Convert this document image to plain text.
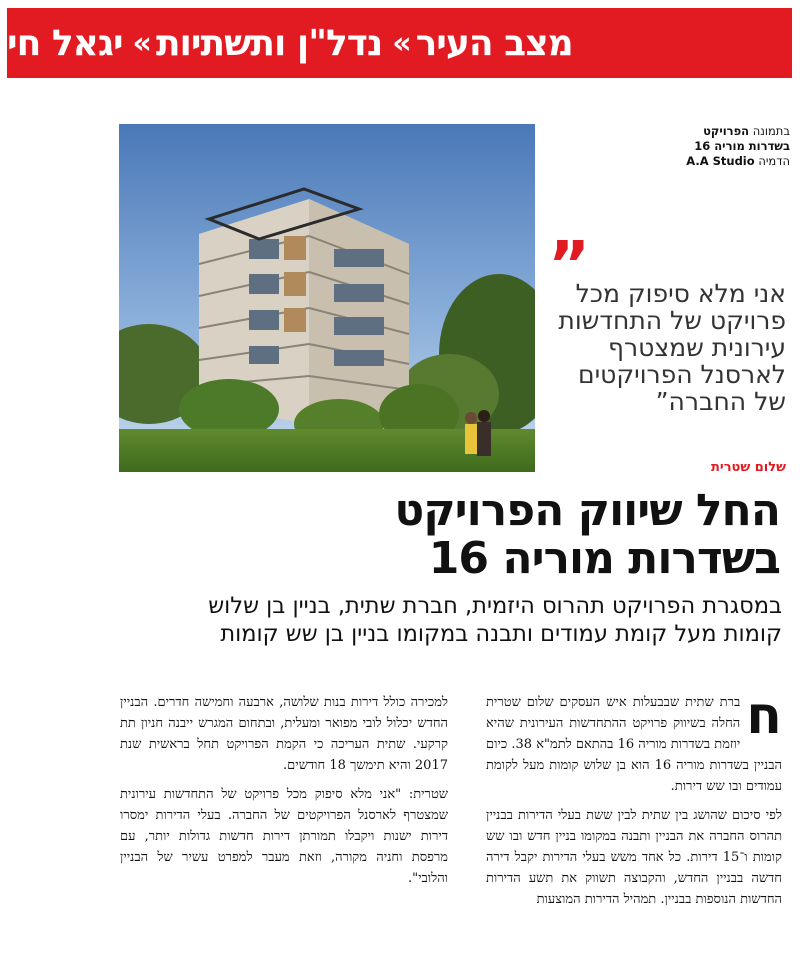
מצב העיר
»
נדל"ן ותשתיות
»
יגאל חי
בתמונה הפרויקט
בשדרות מוריה 16
הדמיה A.A Studio
”
אני מלא סיפוק מכל פרויקט של התחדשות עירונית שמצטרף לארסנל הפרויקטים של החברה”
שלום שטרית
החל שיווק הפרויקט בשדרות מוריה 16
במסגרת הפרויקט תהרוס היזמית, חברת שתית, בניין בן שלוש קומות מעל קומת עמודים ותבנה במקומו בניין בן שש קומות

ח
ברת שתית שבבעלות איש העסקים שלום שטרית החלה בשיווק פרויקט ההתחדשות העירונית שהיא יוזמת בשדרות מוריה 16 בהתאם לתמ"א 38. כיום הבניין בשדרות מוריה 16 הוא בן שלוש קומות מעל לקומת עמודים ובו שש דירות.

לפי סיכום שהושג בין שתית לבין ששת בעלי הדירות בבניין תהרוס החברה את הבניין ותבנה במקומו בניין חדש ובו שש קומות ו־15 דירות. כל אחד משש בעלי הדירות יקבל דירה חדשה בבניין החדש, והקבוצה תשווק את תשע הדירות החדשות הנוספות בבניין. תמהיל הדירות המוצעות

למכירה כולל דירות בנות שלושה, ארבעה וחמישה חדרים. הבניין החדש יכלול לובי מפואר ומעלית, ובתחום המגרש ייבנה חניון תת קרקעי. שתית העריכה כי הקמת הפרויקט תחל בראשית שנת 2017 והיא תימשך 18 חודשים.

שטרית: "אני מלא סיפוק מכל פרויקט של התחדשות עירונית שמצטרף לארסנל הפרויקטים של החברה. בעלי הדירות ימסרו דירות ישנות ויקבלו תמורתן דירות חדשות גדולות יותר, עם מרפסת וחניה מקורה, וזאת מעבר למפרט עשיר של הבניין והלובי".
